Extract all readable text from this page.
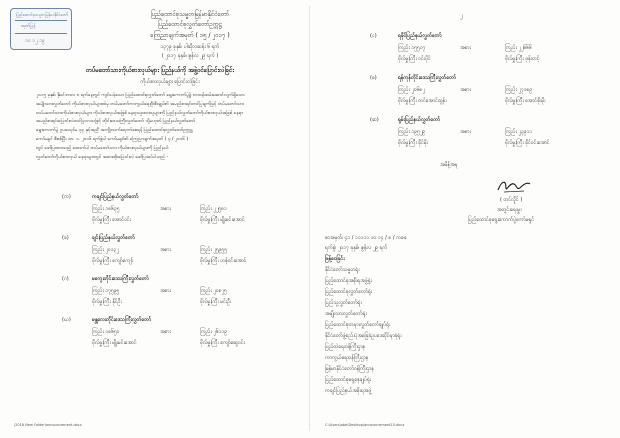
ပြည်ထောင်စုသမ္မတမြန်မာနိုင်ငံတော်
ထုတ်ပြန်
၁၀ ၁၂ ၁၉
ပြည်ထောင်စုသမ္မတမြန်မာနိုင်ငံတော်
ပြည်ထောင်စုလွှတ်တော်ဥက္ကဋ္ဌ
ကြေညာချက်အမှတ် ( ၁၅ / ၂၀၁၇ )
၁၃၇၉ ခုနှစ်၊ ပါဆိုလဆန်း ၆ ရက်
( ၂၀၁၇ ခုနှစ်၊ ဇွန်လ ၂၉ ရက် )
တပ်မတော်သားကိုယ်စားလှယ်များ ပြည်နယ်ကို အဖွဲ့ဝင်ပြောင်းလဲခြင်း
ကိုယ်စားလှယ်များ ပြောင်းလဲခြင်း
၂၀၁၅ ခုနှစ်၊ နိုဝင်ဘာလ ၈ ရက်နေ့တွင် ကျင်းပခဲ့သော ပြည်ထောင်စုလွှတ်တော် ရွေးကောက်ပွဲ၌ တာဝန်ထမ်းဆောင်လျက်ရှိသော
အမျိုးသားလွှတ်တော် ကိုယ်စားလှယ်များထဲမှ တပ်မတော်ကာကွယ်ရေးဦးစီးချုပ်၏ အမည်စာရင်းတင်ပြချက်ဖြင့် တပ်မတော်သား
တပ်မတော်သားကိုယ်စားလှယ်များ ကိုယ်စားလှယ်အဖြစ် နေရာယူထားသူများကို ပြည်နယ်လွှတ်တော်ကိုယ်စားလှယ်အဖြစ် နေရာ
အမည်စာရင်းပြောင်းလဲတင်ပြလာသဖြင့် တိုင်းဒေသကြီးလွှတ်တော် သို့မဟုတ် ပြည်နယ်လွှတ်တော်
ရွေးကောက်ပွဲ ဥပဒေပုဒ်မ ၃၃ နှင့်အညီ အကျိုးသက်ရောက်စေရန် ပြည်ထောင်စုလွှတ်တော်ဥက္ကဋ္ဌ
ကော်မရှင် စီစစ်ပြီး ၁၈. ၁. ၂၀၁၆ ရက်စွဲပါ ကော်မရှင်၏ ကြေညာချက်အမှတ် ( ၃ / ၂၀၁၆ )
တွင် ဖော်ပြထားသည့် အောက်ပါ တပ်မတော်သား ကိုယ်စားလှယ်များကို ပြည်နယ်
လွှတ်တော်ကိုယ်စားလှယ် နေရာများတွင် အစားထိုးပြောင်းလဲ ဖော်ပြအပ်ပါသည် -
(က)	ကချင်ပြည်နယ်လွှတ်တော်
ကြည်း ၁၈၆၃၅	အစား	ကြည်း ၂၂၅၈၁
ဗိုလ်မှူးကြီး အောင်ဝင်း	ဗိုလ်မှူးကြီး မျိုးမင်းအောင်
(ခ)	ချင်းပြည်နယ်လွှတ်တော်
ကြည်း ၂၀၁၃၂	အစား	ကြည်း ၂၅၉၅၅
ဗိုလ်မှူးကြီး ကျော်ကျော်	ဗိုလ်မှူးကြီး ဟန်ဝင်းအောင်
(ဂ)	မကွေးတိုင်းဒေသကြီးလွှတ်တော်
ကြည်း ၁၇၅၉၅	အစား	ကြည်း ၂၀၈၂၅
ဗိုလ်မှူးကြီး နိုင်ဦး	ဗိုလ်မှူးကြီး မင်းဦး
(ဃ)	မန္တလေးတိုင်းဒေသကြီးလွှတ်တော်
ကြည်း ၁၈၆၅၀	အစား	ကြည်း ၂၆၁၁၉
ဗိုလ်မှူးကြီး မျိုးမင်းအောင်	ဗိုလ်မှူးကြီး ကျော်ဆွေဝင်း
\2018 New Folder\announcement.docx
၂
(င)	ရခိုင်ပြည်နယ်လွှတ်တော်
ကြည်း ၁၅၅၁၇	အစား	ကြည်း ၂၂၆၆၆
ဗိုလ်မှူးကြီး ဝင်းပိုင်	ဗိုလ်မှူးကြီး ဖုန်းတင့်
(စ)	ရန်ကုန်တိုင်းဒေသကြီးလွှတ်တော်
ကြည်း ၂၀၆၈၂	အစား	ကြည်း ၂၇၁၈၉
ဗိုလ်မှူးကြီး တင်အောင်ထွန်း	ဗိုလ်မှူးကြီး အောင်စိုးမိုး
(ဆ)	ရှမ်းပြည်နယ်လွှတ်တော်
ကြည်း ၁၉၅၂၉	အစား	ကြည်း ၂၃၉၁၁
ဗိုလ်မှူးကြီး ခိုင်မိုး	ဗိုလ်မှူးကြီး ခိုင်ဝင်းအောင်
အမိန့်အရ
( တင်လှိုင် )
အတွင်းရေးမှူး
ပြည်ထောင်စုရွေးကောက်ပွဲကော်မရှင်
စာအမှတ်၊ ၄၁ / ၁၁၁၁၁ ၁၀ ၁၄ / ၈ / ကစခ
ရက်စွဲ၊ ၂၀၁၇ ခုနှစ်၊ ဇွန်လ ၂၉ ရက်
ဖြန့်ဝေခြင်း
နိုင်ငံတော်သမ္မတရုံး
ပြည်ထောင်စုအစိုးရအဖွဲ့ရုံး
ပြည်ထောင်စုလွှတ်တော်ရုံး
ပြည်သူ့လွှတ်တော်ရုံး
အမျိုးသားလွှတ်တော်ရုံး
ပြည်ထောင်စုတရားလွှတ်တော်ချုပ်ရုံး
နိုင်ငံတော်ဖွဲ့စည်းပုံအခြေခံဥပဒေဆိုင်ရာခုံရုံး
ပြည်ထဲရေးဝန်ကြီးဌာန
ကာကွယ်ရေးဝန်ကြီးဌာန
မြန်မာနိုင်ငံတော်ဝန်ကြီးဌာန
ပြည်ထောင်စုရှေ့နေချုပ်ရုံး
ကချင်ပြည်နယ်အစိုးရအဖွဲ့
C:\Users\abe\Desktop\announcement15.docx
